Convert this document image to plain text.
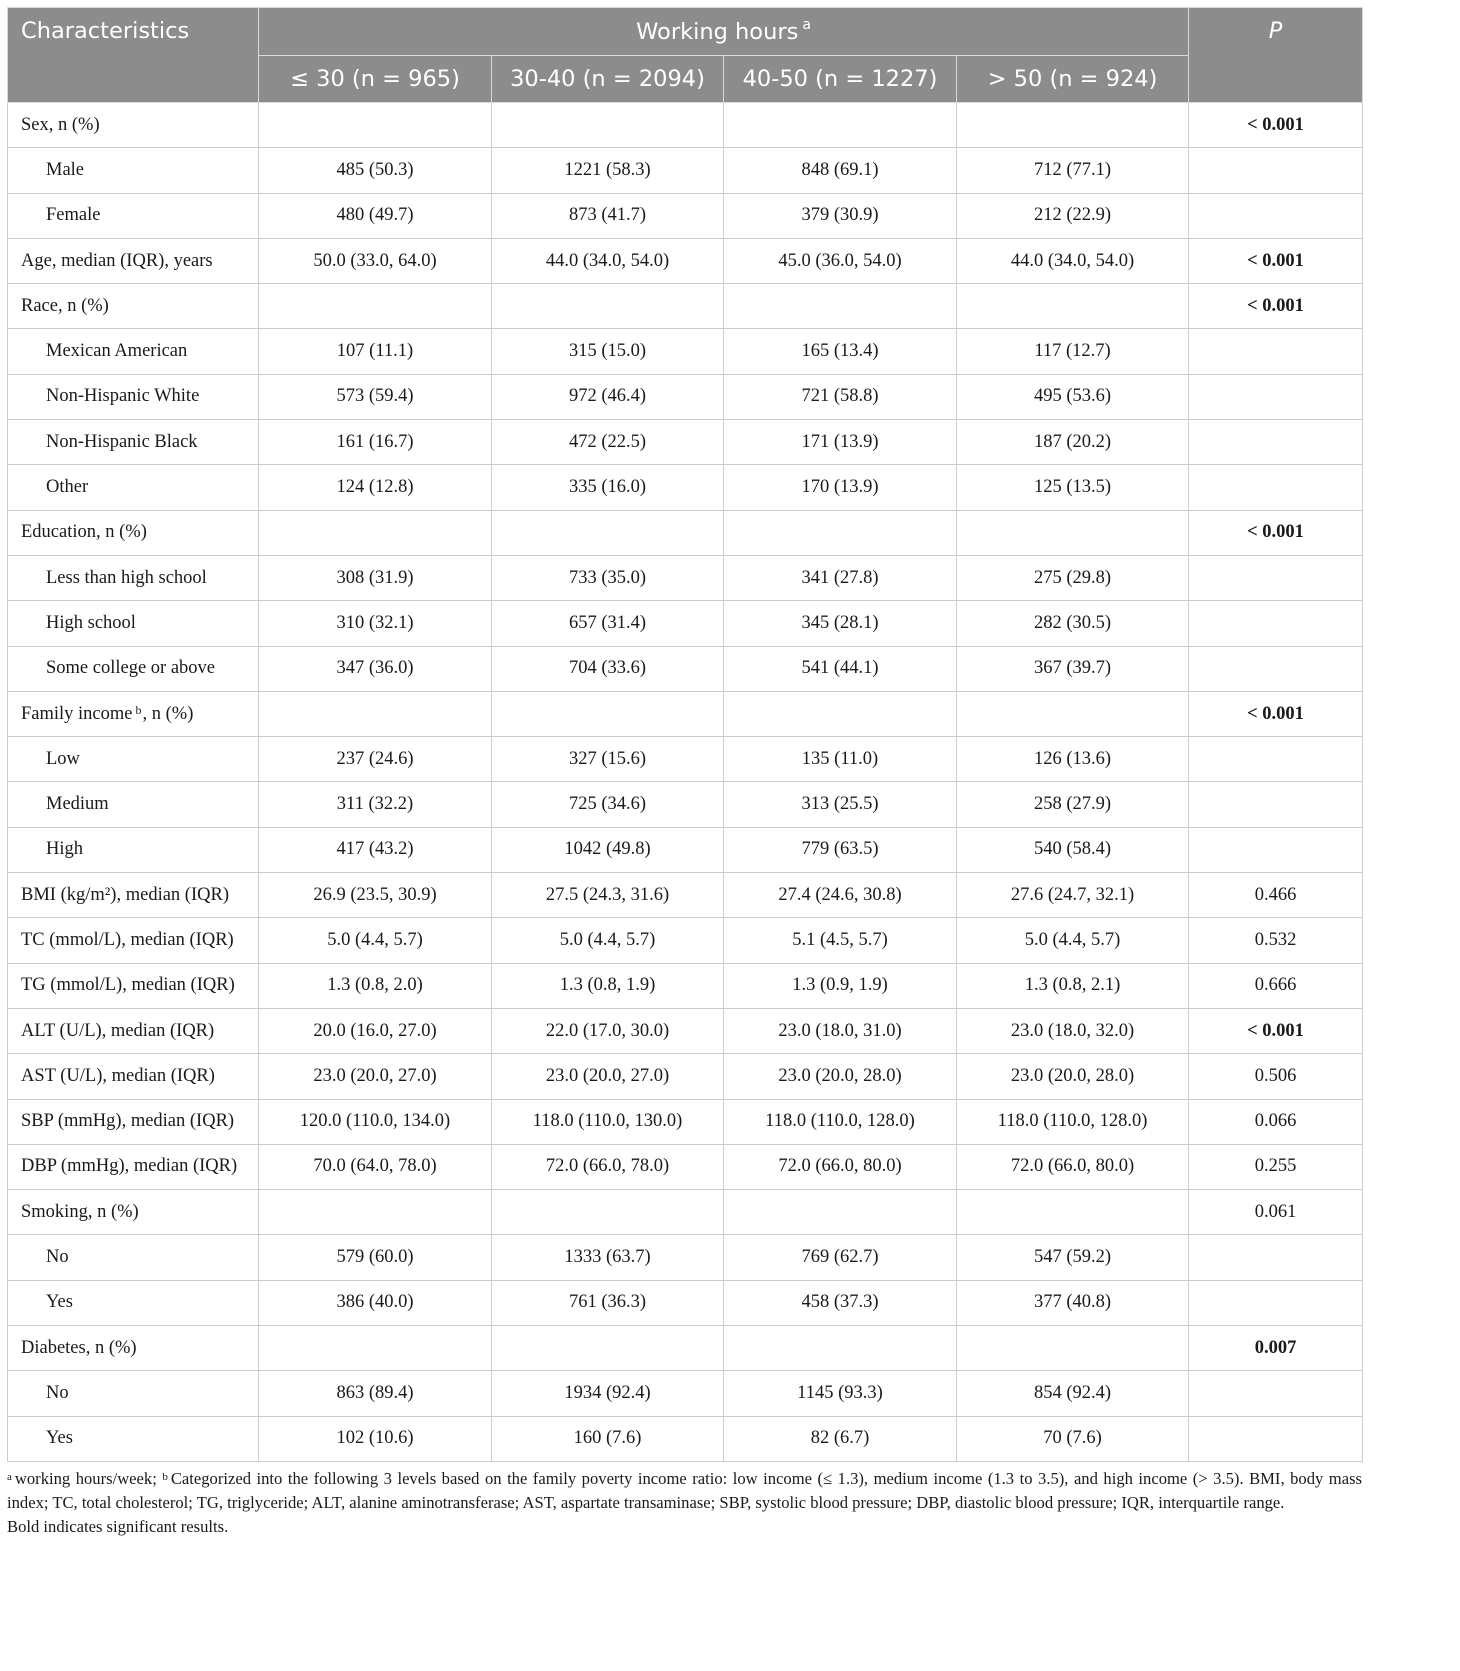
Characteristics	Working hours $^a$				P
	≤ 30 (n = 965)	30-40 (n = 2094)	40-50 (n = 1227)	> 50 (n = 924)	
Sex, n (%)					< 0.001
Male	485 (50.3)	1221 (58.3)	848 (69.1)	712 (77.1)	
Female	480 (49.7)	873 (41.7)	379 (30.9)	212 (22.9)	
Age, median (IQR), years	50.0 (33.0, 64.0)	44.0 (34.0, 54.0)	45.0 (36.0, 54.0)	44.0 (34.0, 54.0)	< 0.001
Race, n (%)					< 0.001
Mexican American	107 (11.1)	315 (15.0)	165 (13.4)	117 (12.7)	
Non-Hispanic White	573 (59.4)	972 (46.4)	721 (58.8)	495 (53.6)	
Non-Hispanic Black	161 (16.7)	472 (22.5)	171 (13.9)	187 (20.2)	
Other	124 (12.8)	335 (16.0)	170 (13.9)	125 (13.5)	
Education, n (%)					< 0.001
Less than high school	308 (31.9)	733 (35.0)	341 (27.8)	275 (29.8)	
High school	310 (32.1)	657 (31.4)	345 (28.1)	282 (30.5)	
Some college or above	347 (36.0)	704 (33.6)	541 (44.1)	367 (39.7)	
Family income $^b$, n (%)					< 0.001
Low	237 (24.6)	327 (15.6)	135 (11.0)	126 (13.6)	
Medium	311 (32.2)	725 (34.6)	313 (25.5)	258 (27.9)	
High	417 (43.2)	1042 (49.8)	779 (63.5)	540 (58.4)	
BMI (kg/m²), median (IQR)	26.9 (23.5, 30.9)	27.5 (24.3, 31.6)	27.4 (24.6, 30.8)	27.6 (24.7, 32.1)	0.466
TC (mmol/L), median (IQR)	5.0 (4.4, 5.7)	5.0 (4.4, 5.7)	5.1 (4.5, 5.7)	5.0 (4.4, 5.7)	0.532
TG (mmol/L), median (IQR)	1.3 (0.8, 2.0)	1.3 (0.8, 1.9)	1.3 (0.9, 1.9)	1.3 (0.8, 2.1)	0.666
ALT (U/L), median (IQR)	20.0 (16.0, 27.0)	22.0 (17.0, 30.0)	23.0 (18.0, 31.0)	23.0 (18.0, 32.0)	< 0.001
AST (U/L), median (IQR)	23.0 (20.0, 27.0)	23.0 (20.0, 27.0)	23.0 (20.0, 28.0)	23.0 (20.0, 28.0)	0.506
SBP (mmHg), median (IQR)	120.0 (110.0, 134.0)	118.0 (110.0, 130.0)	118.0 (110.0, 128.0)	118.0 (110.0, 128.0)	0.066
DBP (mmHg), median (IQR)	70.0 (64.0, 78.0)	72.0 (66.0, 78.0)	72.0 (66.0, 80.0)	72.0 (66.0, 80.0)	0.255
Smoking, n (%)					0.061
No	579 (60.0)	1333 (63.7)	769 (62.7)	547 (59.2)	
Yes	386 (40.0)	761 (36.3)	458 (37.3)	377 (40.8)	
Diabetes, n (%)					0.007
No	863 (89.4)	1934 (92.4)	1145 (93.3)	854 (92.4)	
Yes	102 (10.6)	160 (7.6)	82 (6.7)	70 (7.6)	

$^a$ working hours/week; $^b$ Categorized into the following 3 levels based on the family poverty income ratio: low income (≤ 1.3), medium income (1.3 to 3.5), and high income (> 3.5). BMI, body mass index; TC, total cholesterol; TG, triglyceride; ALT, alanine aminotransferase; AST, aspartate transaminase; SBP, systolic blood pressure; DBP, diastolic blood pressure; IQR, interquartile range.

Bold indicates significant results.
